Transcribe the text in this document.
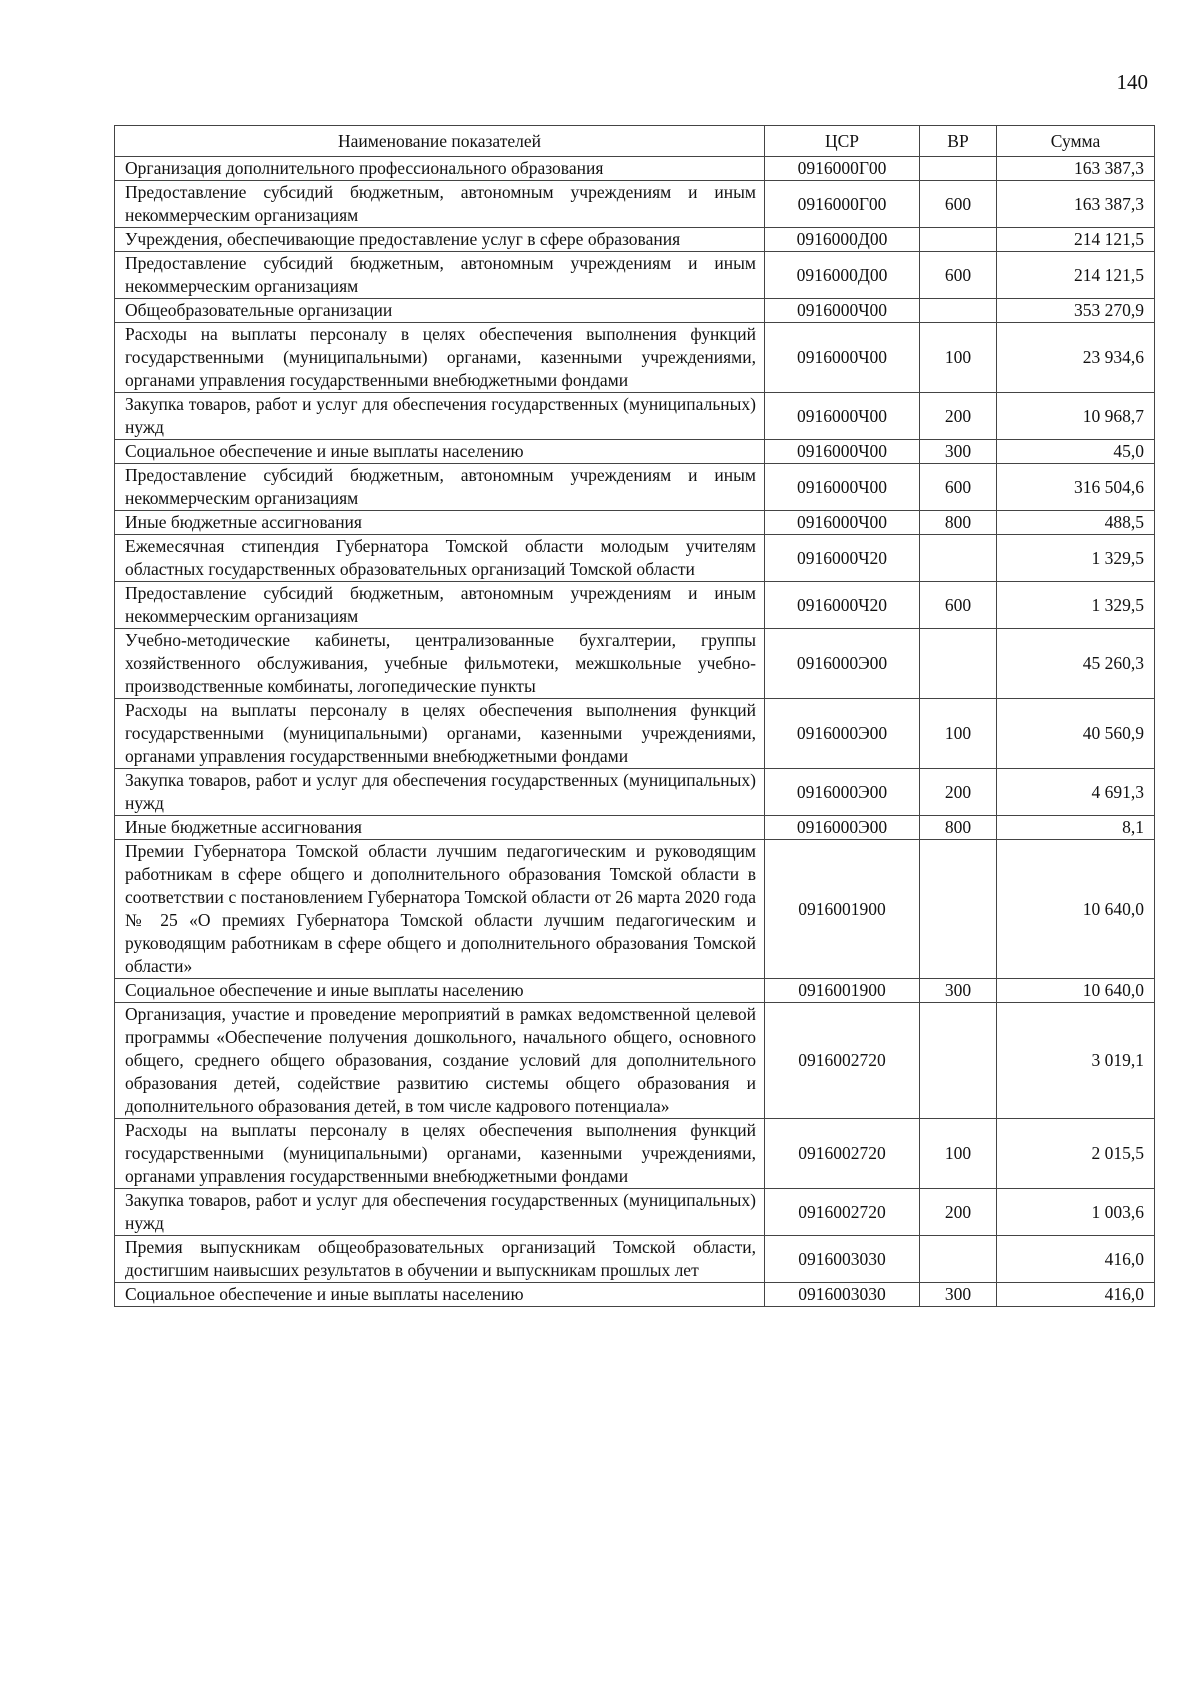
140
Наименование показателей	ЦСР	ВР	Сумма
Организация дополнительного профессионального образования	0916000Г00		163 387,3
Предоставление субсидий бюджетным, автономным учреждениям и иным некоммерческим организациям	0916000Г00	600	163 387,3
Учреждения, обеспечивающие предоставление услуг в сфере образования	0916000Д00		214 121,5
Предоставление субсидий бюджетным, автономным учреждениям и иным некоммерческим организациям	0916000Д00	600	214 121,5
Общеобразовательные организации	0916000Ч00		353 270,9
Расходы на выплаты персоналу в целях обеспечения выполнения функций государственными (муниципальными) органами, казенными учреждениями, органами управления государственными внебюджетными фондами	0916000Ч00	100	23 934,6
Закупка товаров, работ и услуг для обеспечения государственных (муниципальных) нужд	0916000Ч00	200	10 968,7
Социальное обеспечение и иные выплаты населению	0916000Ч00	300	45,0
Предоставление субсидий бюджетным, автономным учреждениям и иным некоммерческим организациям	0916000Ч00	600	316 504,6
Иные бюджетные ассигнования	0916000Ч00	800	488,5
Ежемесячная стипендия Губернатора Томской области молодым учителям областных государственных образовательных организаций Томской области	0916000Ч20		1 329,5
Предоставление субсидий бюджетным, автономным учреждениям и иным некоммерческим организациям	0916000Ч20	600	1 329,5
Учебно-методические кабинеты, централизованные бухгалтерии, группы хозяйственного обслуживания, учебные фильмотеки, межшкольные учебно-производственные комбинаты, логопедические пункты	0916000Э00		45 260,3
Расходы на выплаты персоналу в целях обеспечения выполнения функций государственными (муниципальными) органами, казенными учреждениями, органами управления государственными внебюджетными фондами	0916000Э00	100	40 560,9
Закупка товаров, работ и услуг для обеспечения государственных (муниципальных) нужд	0916000Э00	200	4 691,3
Иные бюджетные ассигнования	0916000Э00	800	8,1
Премии Губернатора Томской области лучшим педагогическим и руководящим работникам в сфере общего и дополнительного образования Томской области в соответствии с постановлением Губернатора Томской области от 26 марта 2020 года № 25 «О премиях Губернатора Томской области лучшим педагогическим и руководящим работникам в сфере общего и дополнительного образования Томской области»	0916001900		10 640,0
Социальное обеспечение и иные выплаты населению	0916001900	300	10 640,0
Организация, участие и проведение мероприятий в рамках ведомственной целевой программы «Обеспечение получения дошкольного, начального общего, основного общего, среднего общего образования, создание условий для дополнительного образования детей, содействие развитию системы общего образования и дополнительного образования детей, в том числе кадрового потенциала»	0916002720		3 019,1
Расходы на выплаты персоналу в целях обеспечения выполнения функций государственными (муниципальными) органами, казенными учреждениями, органами управления государственными внебюджетными фондами	0916002720	100	2 015,5
Закупка товаров, работ и услуг для обеспечения государственных (муниципальных) нужд	0916002720	200	1 003,6
Премия выпускникам общеобразовательных организаций Томской области, достигшим наивысших результатов в обучении и выпускникам прошлых лет	0916003030		416,0
Социальное обеспечение и иные выплаты населению	0916003030	300	416,0
